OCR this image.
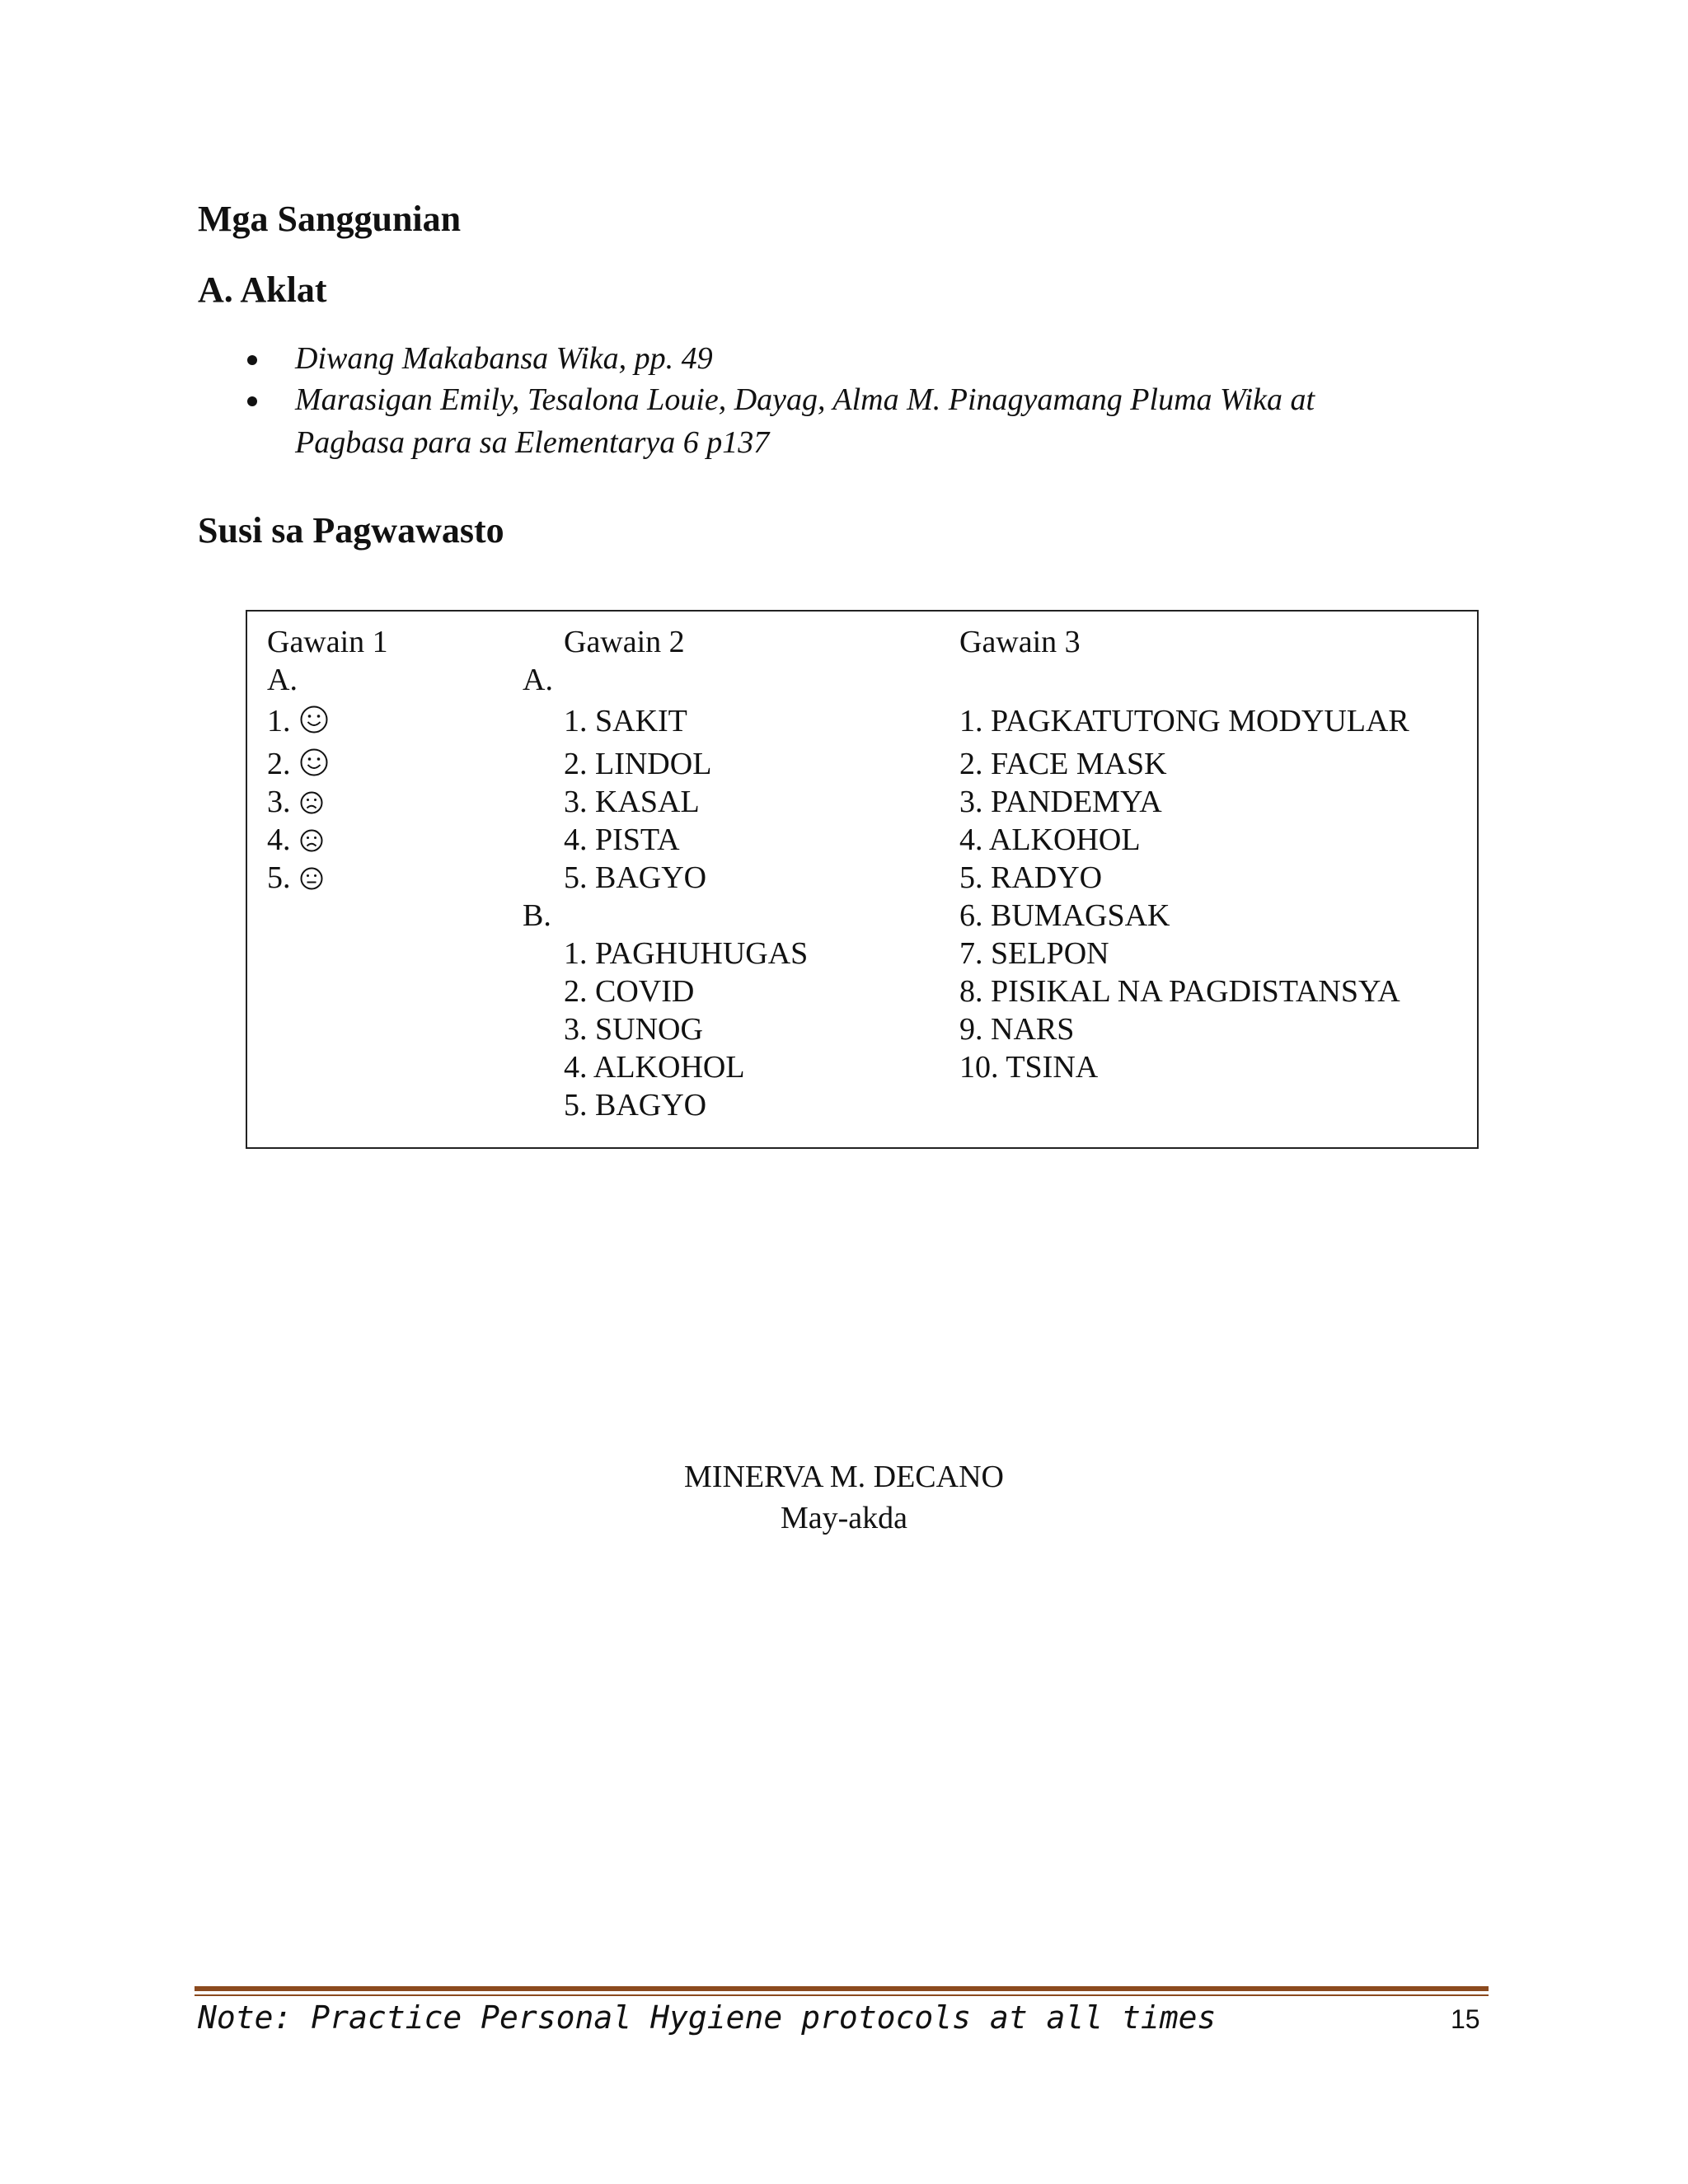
Mga Sanggunian
A. Aklat
Diwang Makabansa Wika, pp. 49
Marasigan Emily, Tesalona Louie, Dayag, Alma M. Pinagyamang Pluma Wika at
Pagbasa para sa Elementarya 6 p137
Susi sa Pagwawasto
Gawain 1
A.
1.
2.
3.
4.
5.
Gawain 2
A.
1. SAKIT
2. LINDOL
3. KASAL
4. PISTA
5. BAGYO
B.
1. PAGHUHUGAS
2. COVID
3. SUNOG
4. ALKOHOL
5. BAGYO
Gawain 3
1. PAGKATUTONG MODYULAR
2. FACE MASK
3. PANDEMYA
4. ALKOHOL
5. RADYO
6. BUMAGSAK
7. SELPON
8. PISIKAL NA PAGDISTANSYA
9. NARS
10. TSINA
MINERVA M. DECANO
May-akda
Note: Practice Personal Hygiene protocols at all times	15
